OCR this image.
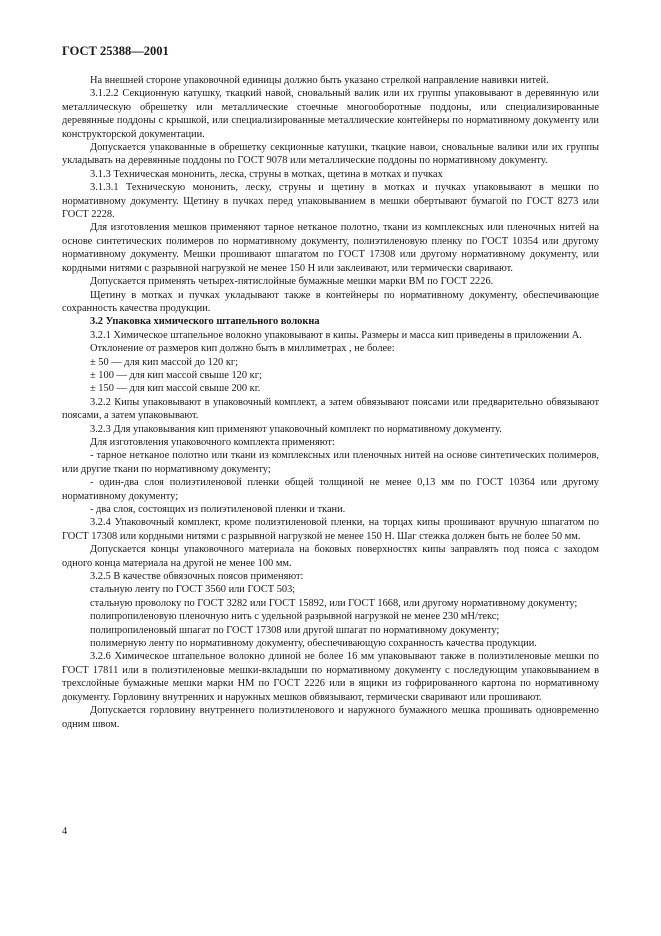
ГОСТ 25388—2001

На внешней стороне упаковочной единицы должно быть указано стрелкой направление навивки нитей.

3.1.2.2 Секционную катушку, ткацкий навой, сновальный валик или их группы упаковывают в деревянную или металлическую обрешетку или металлические стоечные многооборотные поддоны, или специализированные деревянные поддоны с крышкой, или специализированные металлические контейнеры по нормативному документу или конструкторской документации.

Допускается упакованные в обрешетку секционные катушки, ткацкие навои, сновальные валики или их группы укладывать на деревянные поддоны по ГОСТ 9078 или металлические поддоны по нормативному документу.

3.1.3 Техническая мононить, леска, струны в мотках, щетина в мотках и пучках

3.1.3.1 Техническую мононить, леску, струны и щетину в мотках и пучках упаковывают в мешки по нормативному документу. Щетину в пучках перед упаковыванием в мешки обертывают бумагой по ГОСТ 8273 или ГОСТ 2228.

Для изготовления мешков применяют тарное нетканое полотно, ткани из комплексных или пленочных нитей на основе синтетических полимеров по нормативному документу, полиэтиленовую пленку по ГОСТ 10354 или другому нормативному документу. Мешки прошивают шпагатом по ГОСТ 17308 или другому нормативному документу, или кордными нитями с разрывной нагрузкой не менее 150 Н или заклеивают, или термически сваривают.

Допускается применять четырех-пятислойные бумажные мешки марки ВМ по ГОСТ 2226.

Щетину в мотках и пучках укладывают также в контейнеры по нормативному документу, обеспечивающие сохранность качества продукции.

3.2 Упаковка химического штапельного волокна

3.2.1 Химическое штапельное волокно упаковывают в кипы. Размеры и масса кип приведены в приложении А.

Отклонение от размеров кип должно быть в миллиметрах , не более:

± 50 — для кип массой до 120 кг;

± 100 — для кип массой свыше 120 кг;

± 150 — для кип массой свыше 200 кг.

3.2.2 Кипы упаковывают в упаковочный комплект, а затем обвязывают поясами или предварительно обвязывают поясами, а затем упаковывают.

3.2.3 Для упаковывания кип применяют упаковочный комплект по нормативному документу.

Для изготовления упаковочного комплекта применяют:

- тарное нетканое полотно или ткани из комплексных или пленочных нитей на основе синтетических полимеров, или другие ткани по нормативному документу;

- один-два слоя полиэтиленовой пленки общей толщиной не менее 0,13 мм по ГОСТ 10364 или другому нормативному документу;

- два слоя, состоящих из полиэтиленовой пленки и ткани.

3.2.4 Упаковочный комплект, кроме полиэтиленовой пленки, на торцах кипы прошивают вручную шпагатом по ГОСТ 17308 или кордными нитями с разрывной нагрузкой не менее 150 Н. Шаг стежка должен быть не более 50 мм.

Допускается концы упаковочного материала на боковых поверхностях кипы заправлять под пояса с заходом одного конца материала на другой не менее 100 мм.

3.2.5 В качестве обвязочных поясов применяют:

стальную ленту по ГОСТ 3560 или ГОСТ 503;

стальную проволоку по ГОСТ 3282 или ГОСТ 15892, или ГОСТ 1668, или другому нормативному документу;

полипропиленовую пленочную нить с удельной разрывной нагрузкой не менее 230 мН/текс;

полипропиленовый шпагат по ГОСТ 17308 или другой шпагат по нормативному документу;

полимерную ленту по нормативному документу, обеспечивающую сохранность качества продукции.

3.2.6 Химическое штапельное волокно длиной не более 16 мм упаковывают также в полиэтиленовые мешки по ГОСТ 17811 или в полиэтиленовые мешки-вкладыши по нормативному документу с последующим упаковыванием в трехслойные бумажные мешки марки НМ по ГОСТ 2226 или в ящики из гофрированного картона по нормативному документу. Горловину внутренних и наружных мешков обвязывают, термически сваривают или прошивают.

Допускается горловину внутреннего полиэтиленового и наружного бумажного мешка прошивать одновременно одним швом.

4
